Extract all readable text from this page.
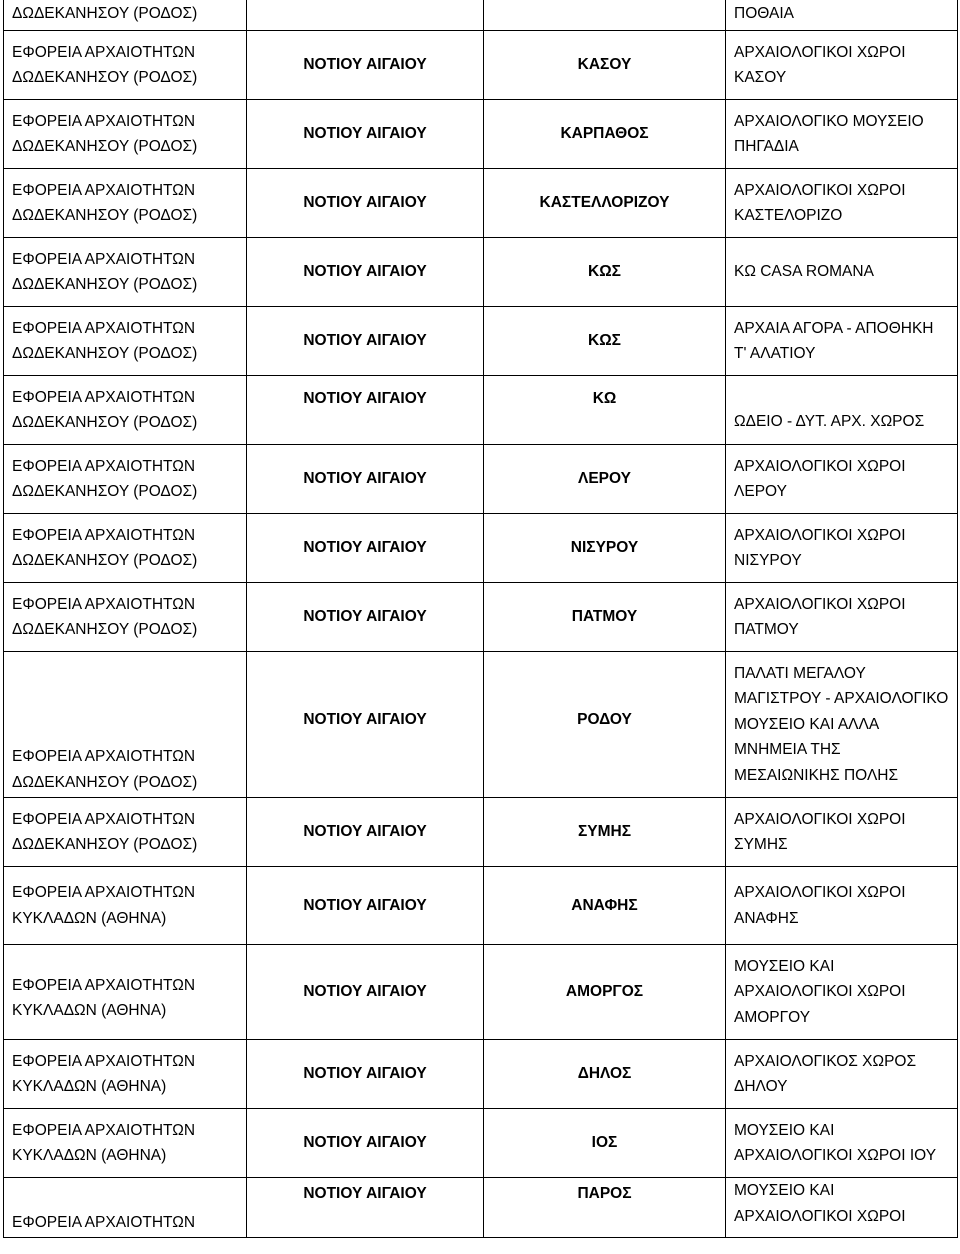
ΔΩΔΕΚΑΝΗΣΟΥ (ΡΟΔΟΣ)			ΠΟΘΑΙΑ

ΕΦΟΡΕΙΑ ΑΡΧΑΙΟΤΗΤΩΝ
ΔΩΔΕΚΑΝΗΣΟΥ (ΡΟΔΟΣ)	ΝΟΤΙΟΥ ΑΙΓΑΙΟΥ	ΚΑΣΟΥ	ΑΡΧΑΙΟΛΟΓΙΚΟΙ ΧΩΡΟΙ
ΚΑΣΟΥ

ΕΦΟΡΕΙΑ ΑΡΧΑΙΟΤΗΤΩΝ
ΔΩΔΕΚΑΝΗΣΟΥ (ΡΟΔΟΣ)	ΝΟΤΙΟΥ ΑΙΓΑΙΟΥ	ΚΑΡΠΑΘΟΣ	ΑΡΧΑΙΟΛΟΓΙΚΟ ΜΟΥΣΕΙΟ
ΠΗΓΑΔΙΑ

ΕΦΟΡΕΙΑ ΑΡΧΑΙΟΤΗΤΩΝ
ΔΩΔΕΚΑΝΗΣΟΥ (ΡΟΔΟΣ)	ΝΟΤΙΟΥ ΑΙΓΑΙΟΥ	ΚΑΣΤΕΛΛΟΡΙΖΟΥ	ΑΡΧΑΙΟΛΟΓΙΚΟΙ ΧΩΡΟΙ
ΚΑΣΤΕΛΟΡΙΖΟ

ΕΦΟΡΕΙΑ ΑΡΧΑΙΟΤΗΤΩΝ
ΔΩΔΕΚΑΝΗΣΟΥ (ΡΟΔΟΣ)	ΝΟΤΙΟΥ ΑΙΓΑΙΟΥ	ΚΩΣ	ΚΩ CASA ROMANA

ΕΦΟΡΕΙΑ ΑΡΧΑΙΟΤΗΤΩΝ
ΔΩΔΕΚΑΝΗΣΟΥ (ΡΟΔΟΣ)	ΝΟΤΙΟΥ ΑΙΓΑΙΟΥ	ΚΩΣ	ΑΡΧΑΙΑ ΑΓΟΡΑ - ΑΠΟΘΗΚΗ
Τ' ΑΛΑΤΙΟΥ

ΕΦΟΡΕΙΑ ΑΡΧΑΙΟΤΗΤΩΝ
ΔΩΔΕΚΑΝΗΣΟΥ (ΡΟΔΟΣ)	ΝΟΤΙΟΥ ΑΙΓΑΙΟΥ	ΚΩ	ΩΔΕΙΟ - ΔΥΤ. ΑΡΧ. ΧΩΡΟΣ

ΕΦΟΡΕΙΑ ΑΡΧΑΙΟΤΗΤΩΝ
ΔΩΔΕΚΑΝΗΣΟΥ (ΡΟΔΟΣ)	ΝΟΤΙΟΥ ΑΙΓΑΙΟΥ	ΛΕΡΟΥ	ΑΡΧΑΙΟΛΟΓΙΚΟΙ ΧΩΡΟΙ
ΛΕΡΟΥ

ΕΦΟΡΕΙΑ ΑΡΧΑΙΟΤΗΤΩΝ
ΔΩΔΕΚΑΝΗΣΟΥ (ΡΟΔΟΣ)	ΝΟΤΙΟΥ ΑΙΓΑΙΟΥ	ΝΙΣΥΡΟΥ	ΑΡΧΑΙΟΛΟΓΙΚΟΙ ΧΩΡΟΙ
ΝΙΣΥΡΟΥ

ΕΦΟΡΕΙΑ ΑΡΧΑΙΟΤΗΤΩΝ
ΔΩΔΕΚΑΝΗΣΟΥ (ΡΟΔΟΣ)	ΝΟΤΙΟΥ ΑΙΓΑΙΟΥ	ΠΑΤΜΟΥ	ΑΡΧΑΙΟΛΟΓΙΚΟΙ ΧΩΡΟΙ
ΠΑΤΜΟΥ

ΕΦΟΡΕΙΑ ΑΡΧΑΙΟΤΗΤΩΝ
ΔΩΔΕΚΑΝΗΣΟΥ (ΡΟΔΟΣ)	ΝΟΤΙΟΥ ΑΙΓΑΙΟΥ	ΡΟΔΟΥ	ΠΑΛΑΤΙ ΜΕΓΑΛΟΥ
ΜΑΓΙΣΤΡΟΥ - ΑΡΧΑΙΟΛΟΓΙΚΟ
ΜΟΥΣΕΙΟ ΚΑΙ ΑΛΛΑ
ΜΝΗΜΕΙΑ ΤΗΣ
ΜΕΣΑΙΩΝΙΚΗΣ ΠΟΛΗΣ

ΕΦΟΡΕΙΑ ΑΡΧΑΙΟΤΗΤΩΝ
ΔΩΔΕΚΑΝΗΣΟΥ (ΡΟΔΟΣ)	ΝΟΤΙΟΥ ΑΙΓΑΙΟΥ	ΣΥΜΗΣ	ΑΡΧΑΙΟΛΟΓΙΚΟΙ ΧΩΡΟΙ
ΣΥΜΗΣ

ΕΦΟΡΕΙΑ ΑΡΧΑΙΟΤΗΤΩΝ
ΚΥΚΛΑΔΩΝ (ΑΘΗΝΑ)	ΝΟΤΙΟΥ ΑΙΓΑΙΟΥ	ΑΝΑΦΗΣ	ΑΡΧΑΙΟΛΟΓΙΚΟΙ ΧΩΡΟΙ
ΑΝΑΦΗΣ

ΕΦΟΡΕΙΑ ΑΡΧΑΙΟΤΗΤΩΝ
ΚΥΚΛΑΔΩΝ (ΑΘΗΝΑ)	ΝΟΤΙΟΥ ΑΙΓΑΙΟΥ	ΑΜΟΡΓΟΣ	ΜΟΥΣΕΙΟ ΚΑΙ
ΑΡΧΑΙΟΛΟΓΙΚΟΙ ΧΩΡΟΙ
ΑΜΟΡΓΟΥ

ΕΦΟΡΕΙΑ ΑΡΧΑΙΟΤΗΤΩΝ
ΚΥΚΛΑΔΩΝ (ΑΘΗΝΑ)	ΝΟΤΙΟΥ ΑΙΓΑΙΟΥ	ΔΗΛΟΣ	ΑΡΧΑΙΟΛΟΓΙΚΟΣ ΧΩΡΟΣ
ΔΗΛΟΥ

ΕΦΟΡΕΙΑ ΑΡΧΑΙΟΤΗΤΩΝ
ΚΥΚΛΑΔΩΝ (ΑΘΗΝΑ)	ΝΟΤΙΟΥ ΑΙΓΑΙΟΥ	ΙΟΣ	ΜΟΥΣΕΙΟ ΚΑΙ
ΑΡΧΑΙΟΛΟΓΙΚΟΙ ΧΩΡΟΙ ΙΟΥ

ΕΦΟΡΕΙΑ ΑΡΧΑΙΟΤΗΤΩΝ	ΝΟΤΙΟΥ ΑΙΓΑΙΟΥ	ΠΑΡΟΣ	ΜΟΥΣΕΙΟ ΚΑΙ
ΑΡΧΑΙΟΛΟΓΙΚΟΙ ΧΩΡΟΙ
